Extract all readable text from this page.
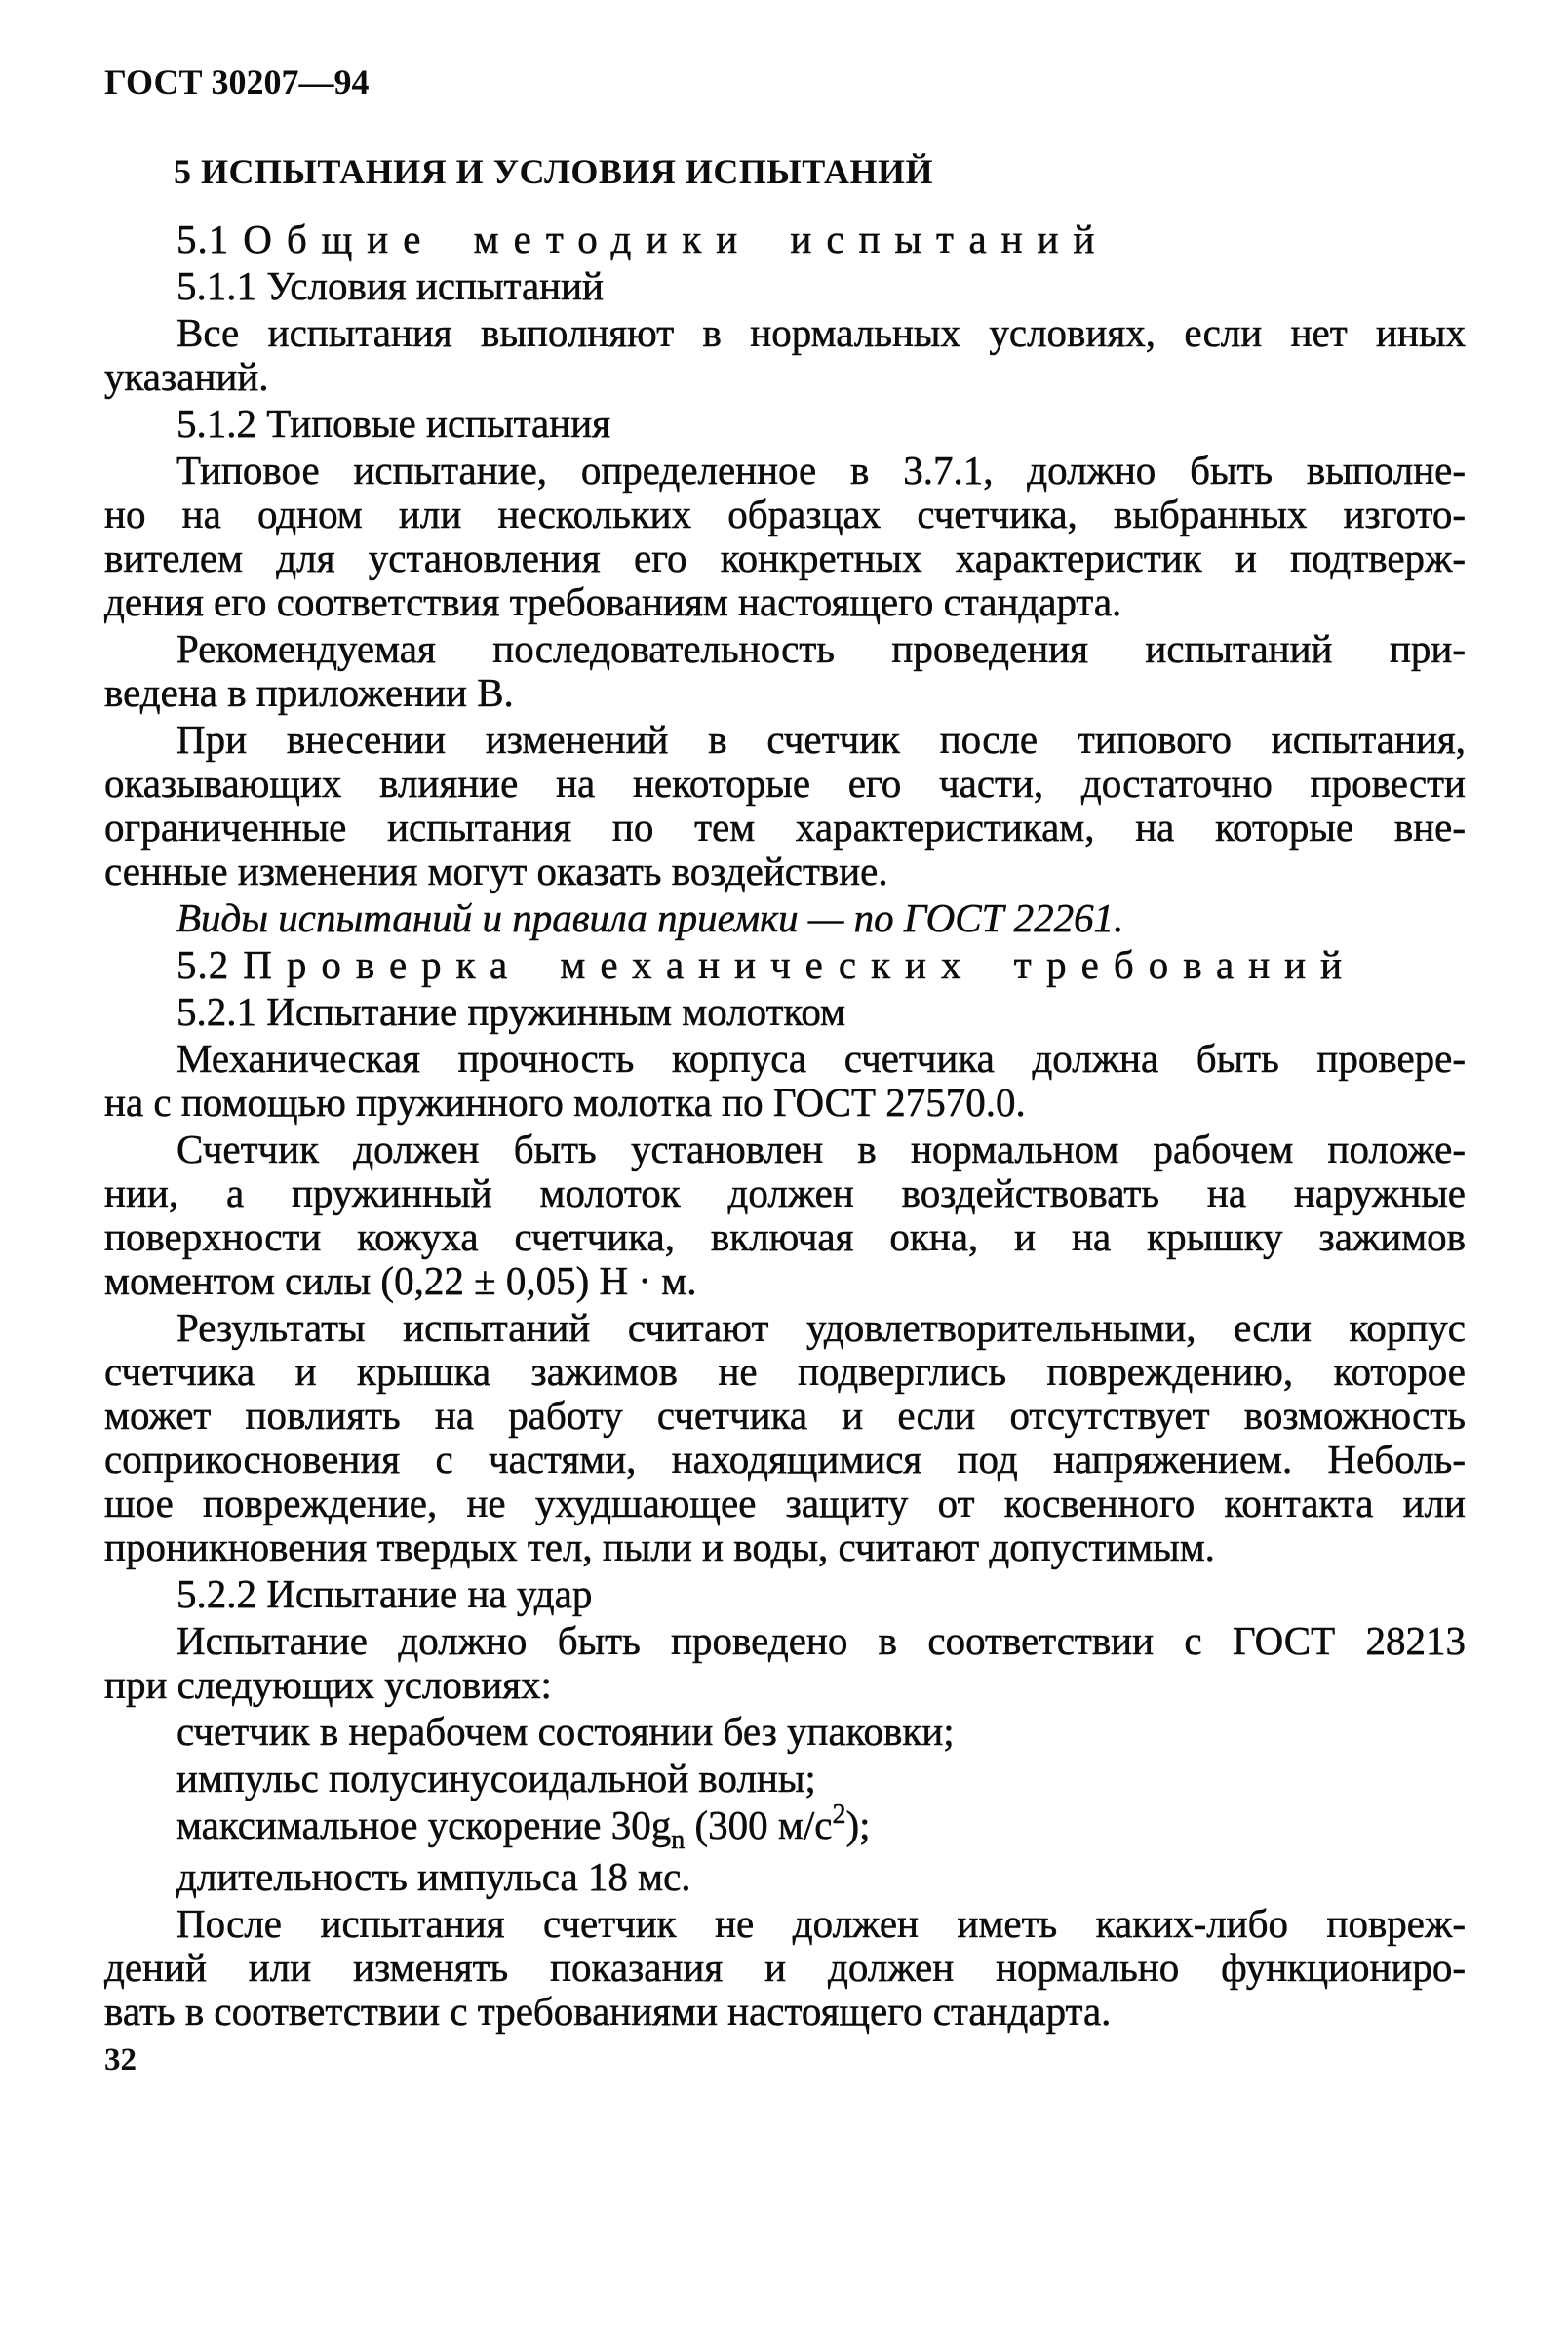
ГОСТ 30207—94
5 ИСПЫТАНИЯ И УСЛОВИЯ ИСПЫТАНИЙ
5.1 Общие методики испытаний
5.1.1 Условия испытаний
Все испытания выполняют в нормальных условиях, если нет иных
указаний.
5.1.2 Типовые испытания
Типовое испытание, определенное в 3.7.1, должно быть выполне-
но на одном или нескольких образцах счетчика, выбранных изгото-
вителем для установления его конкретных характеристик и подтверж-
дения его соответствия требованиям настоящего стандарта.
Рекомендуемая последовательность проведения испытаний при-
ведена в приложении В.
При внесении изменений в счетчик после типового испытания,
оказывающих влияние на некоторые его части, достаточно провести
ограниченные испытания по тем характеристикам, на которые вне-
сенные изменения могут оказать воздействие.
Виды испытаний и правила приемки — по ГОСТ 22261.
5.2 Проверка механических требований
5.2.1 Испытание пружинным молотком
Механическая прочность корпуса счетчика должна быть провере-
на с помощью пружинного молотка по ГОСТ 27570.0.
Счетчик должен быть установлен в нормальном рабочем положе-
нии, а пружинный молоток должен воздействовать на наружные
поверхности кожуха счетчика, включая окна, и на крышку зажимов
моментом силы (0,22 ± 0,05) Н · м.
Результаты испытаний считают удовлетворительными, если корпус
счетчика и крышка зажимов не подверглись повреждению, которое
может повлиять на работу счетчика и если отсутствует возможность
соприкосновения с частями, находящимися под напряжением. Неболь-
шое повреждение, не ухудшающее защиту от косвенного контакта или
проникновения твердых тел, пыли и воды, считают допустимым.
5.2.2 Испытание на удар
Испытание должно быть проведено в соответствии с ГОСТ 28213
при следующих условиях:
счетчик в нерабочем состоянии без упаковки;
импульс полусинусоидальной волны;
максимальное ускорение $30g_n$ (300 $м/с^2$);
длительность импульса 18 мс.
После испытания счетчик не должен иметь каких-либо повреж-
дений или изменять показания и должен нормально функциониро-
вать в соответствии с требованиями настоящего стандарта.
32
